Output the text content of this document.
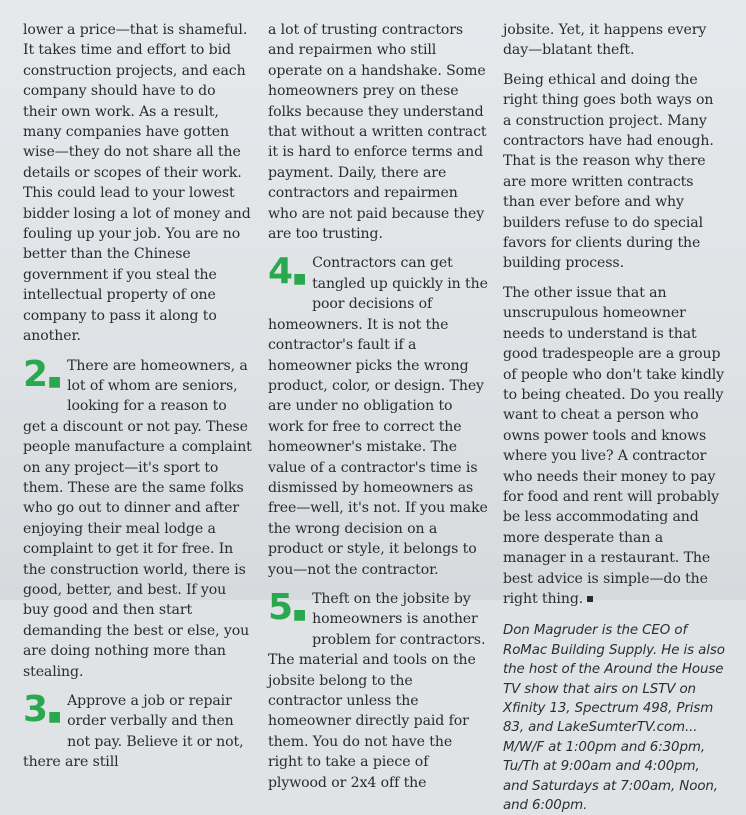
lower a price—that is shameful. It takes time and effort to bid construction projects, and each company should have to do their own work. As a result, many companies have gotten wise—they do not share all the details or scopes of their work. This could lead to your lowest bidder losing a lot of money and fouling up your job. You are no better than the Chinese government if you steal the intellectual property of one company to pass it along to another.

2■

There are homeowners, a lot of whom are seniors, looking for a reason to get a discount or not pay. These people manufacture a complaint on any project—it's sport to them. These are the same folks who go out to dinner and after enjoying their meal lodge a complaint to get it for free. In the construction world, there is good, better, and best. If you buy good and then start demanding the best or else, you are doing nothing more than stealing.

3■

Approve a job or repair order verbally and then not pay. Believe it or not, there are still

a lot of trusting contractors and repairmen who still operate on a handshake. Some homeowners prey on these folks because they understand that without a written contract it is hard to enforce terms and payment. Daily, there are contractors and repairmen who are not paid because they are too trusting.

4■

Contractors can get tangled up quickly in the poor decisions of homeowners. It is not the contractor's fault if a homeowner picks the wrong product, color, or design. They are under no obligation to work for free to correct the homeowner's mistake. The value of a contractor's time is dismissed by homeowners as free—well, it's not. If you make the wrong decision on a product or style, it belongs to you—not the contractor.

5■

Theft on the jobsite by homeowners is another problem for contractors. The material and tools on the jobsite belong to the contractor unless the homeowner directly paid for them. You do not have the right to take a piece of plywood or 2x4 off the

jobsite. Yet, it happens every day—blatant theft.

Being ethical and doing the right thing goes both ways on a construction project. Many contractors have had enough. That is the reason why there are more written contracts than ever before and why builders refuse to do special favors for clients during the building process.

The other issue that an unscrupulous homeowner needs to understand is that good tradespeople are a group of people who don't take kindly to being cheated. Do you really want to cheat a person who owns power tools and knows where you live? A contractor who needs their money to pay for food and rent will probably be less accommodating and more desperate than a manager in a restaurant. The best advice is simple—do the right thing.

Don Magruder is the CEO of RoMac Building Supply. He is also the host of the Around the House TV show that airs on LSTV on Xfinity 13, Spectrum 498, Prism 83, and LakeSumterTV.com... M/W/F at 1:00pm and 6:30pm, Tu/Th at 9:00am and 4:00pm, and Saturdays at 7:00am, Noon, and 6:00pm.
